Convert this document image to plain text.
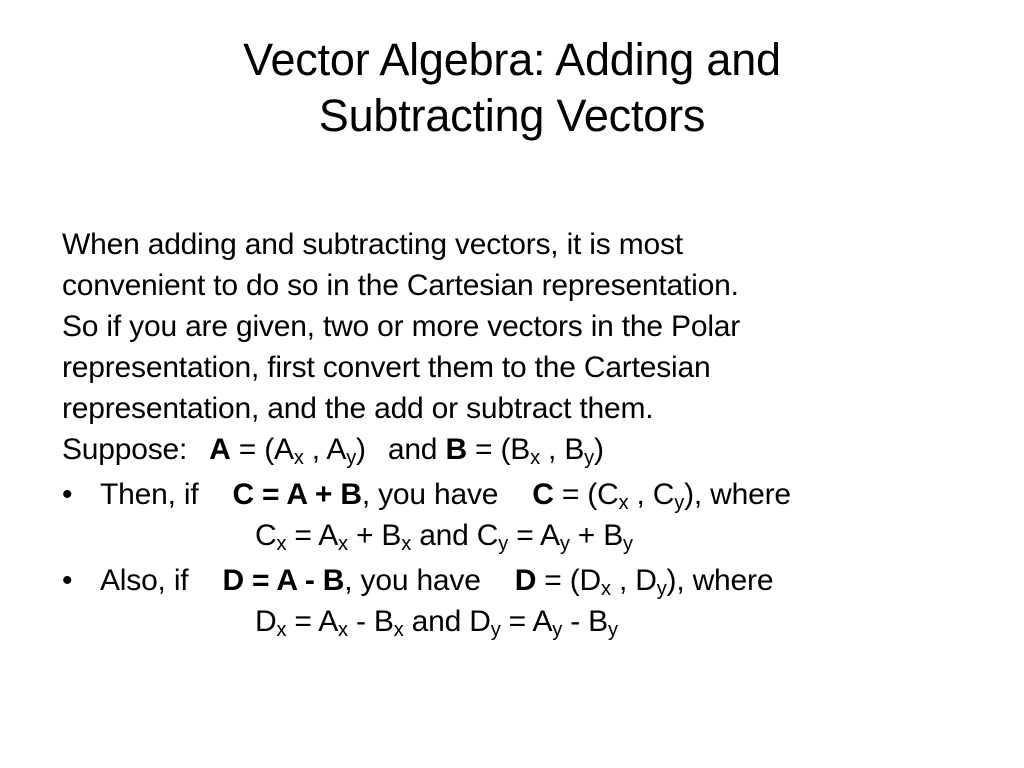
Vector Algebra: Adding and
Subtracting Vectors
When adding and subtracting vectors, it is most
convenient to do so in the Cartesian representation.
So if you are given, two or more vectors in the Polar
representation, first convert them to the Cartesian
representation, and the add or subtract them.
Suppose: $A = (A_x$ , $A_y$) and $B = (B_x$ , $B_y$)
• Then, if C = A + B, you have $C = (C_x$ , $C_y$), where
$C_x = A_x + B_x$ and $C_y = A_y + B_y$
• Also, if D = A - B, you have $D = (D_x$ , $D_y$), where
$D_x = A_x - B_x$ and $D_y = A_y - B_y$
